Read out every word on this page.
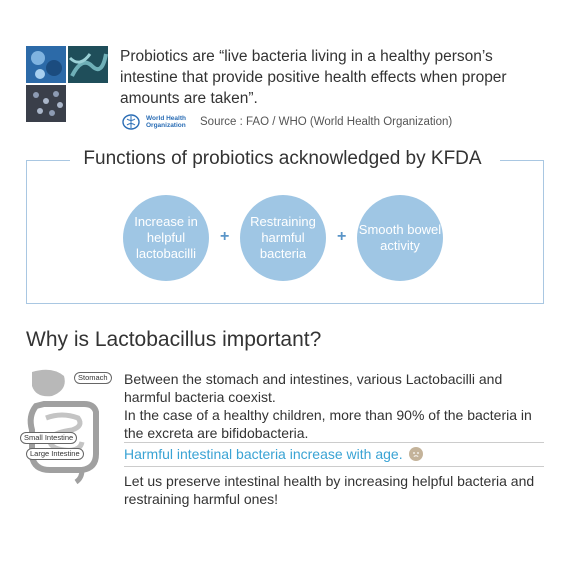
Probiotics are “live bacteria living in a healthy person’s intestine that provide positive health effects when proper amounts are taken”.
World Health Organization	Source : FAO / WHO (World Health Organization)
Functions of probiotics acknowledged by KFDA
Increase in helpful lactobacilli
+
Restraining harmful bacteria
+ Smooth bowel activity
Why is Lactobacillus important?
Stomach
Small Intestine
Large Intestine
Between the stomach and intestines, various Lactobacilli and harmful bacteria coexist.
In the case of a healthy children, more than 90% of the bacteria in the excreta are bifidobacteria.
Harmful intestinal bacteria increase with age.
Let us preserve intestinal health by increasing helpful bacteria and restraining harmful ones!
